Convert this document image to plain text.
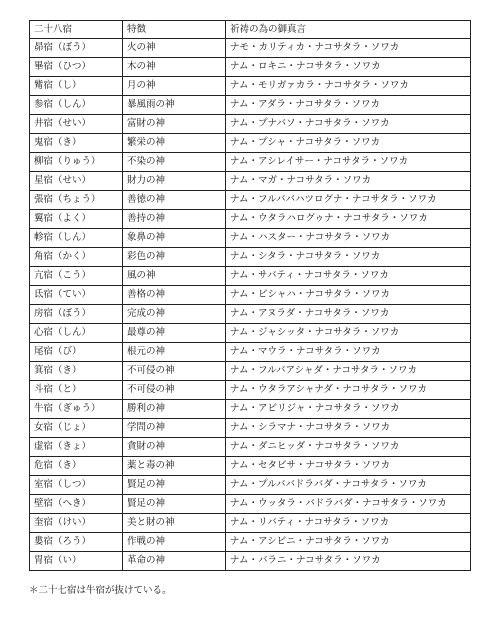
二十八宿	特徴	祈祷の為の御真言
昴宿（ぼう）	火の神	ナモ・カリティカ・ナコサタラ・ソワカ
畢宿（ひつ）	木の神	ナム・ロキニ・ナコサタラ・ソワカ
觜宿（し）	月の神	ナム・モリガァカラ・ナコサタラ・ソワカ
参宿（しん）	暴風雨の神	ナム・アダラ・ナコサタラ・ソワカ
井宿（せい）	富財の神	ナム・プナバソ・ナコサタラ・ソワカ
鬼宿（き）	繁栄の神	ナム・プシャ・ナコサタラ・ソワカ
柳宿（りゅう）	不染の神	ナム・アシレイサー・ナコサタラ・ソワカ
星宿（せい）	財力の神	ナム・マガ・ナコサタラ・ソワカ
張宿（ちょう）	善徳の神	ナム・フルババハツログナ・ナコサタラ・ソワカ
翼宿（よく）	善持の神	ナム・ウタラハログゥナ・ナコサタラ・ソワカ
軫宿（しん）	象鼻の神	ナム・ハスター・ナコサタラ・ソワカ
角宿（かく）	彩色の神	ナム・シタラ・ナコサタラ・ソワカ
亢宿（こう）	風の神	ナム・サバティ・ナコサタラ・ソワカ
氐宿（てい）	善格の神	ナム・ビシャハ・ナコサタラ・ソワカ
房宿（ぼう）	完成の神	ナム・アヌラダ・ナコサタラ・ソワカ
心宿（しん）	最尊の神	ナム・ジャシッタ・ナコサタラ・ソワカ
尾宿（び）	根元の神	ナム・マウラ・ナコサタラ・ソワカ
箕宿（き）	不可侵の神	ナム・フルバアシャダ・ナコサタラ・ソワカ
斗宿（と）	不可侵の神	ナム・ウタラアシャナダ・ナコサタラ・ソワカ
牛宿（ぎゅう）	勝利の神	ナム・アビリジャ・ナコサタラ・ソワカ
女宿（じょ）	学問の神	ナム・シラマナ・ナコサタラ・ソワカ
虚宿（きょ）	貪財の神	ナム・ダニヒッダ・ナコサタラ・ソワカ
危宿（き）	薬と毒の神	ナム・セタビサ・ナコサタラ・ソワカ
室宿（しつ）	賢足の神	ナム・プルババドラバダ・ナコサタラ・ソワカ
壁宿（へき）	賢足の神	ナム・ウッタラ・バドラバダ・ナコサタラ・ソワカ
奎宿（けい）	美と財の神	ナム・リバティ・ナコサタラ・ソワカ
婁宿（ろう）	作戦の神	ナム・アシビニ・ナコサタラ・ソワカ
胃宿（い）	革命の神	ナム・バラニ・ナコサタラ・ソワカ
＊二十七宿は牛宿が抜けている。
